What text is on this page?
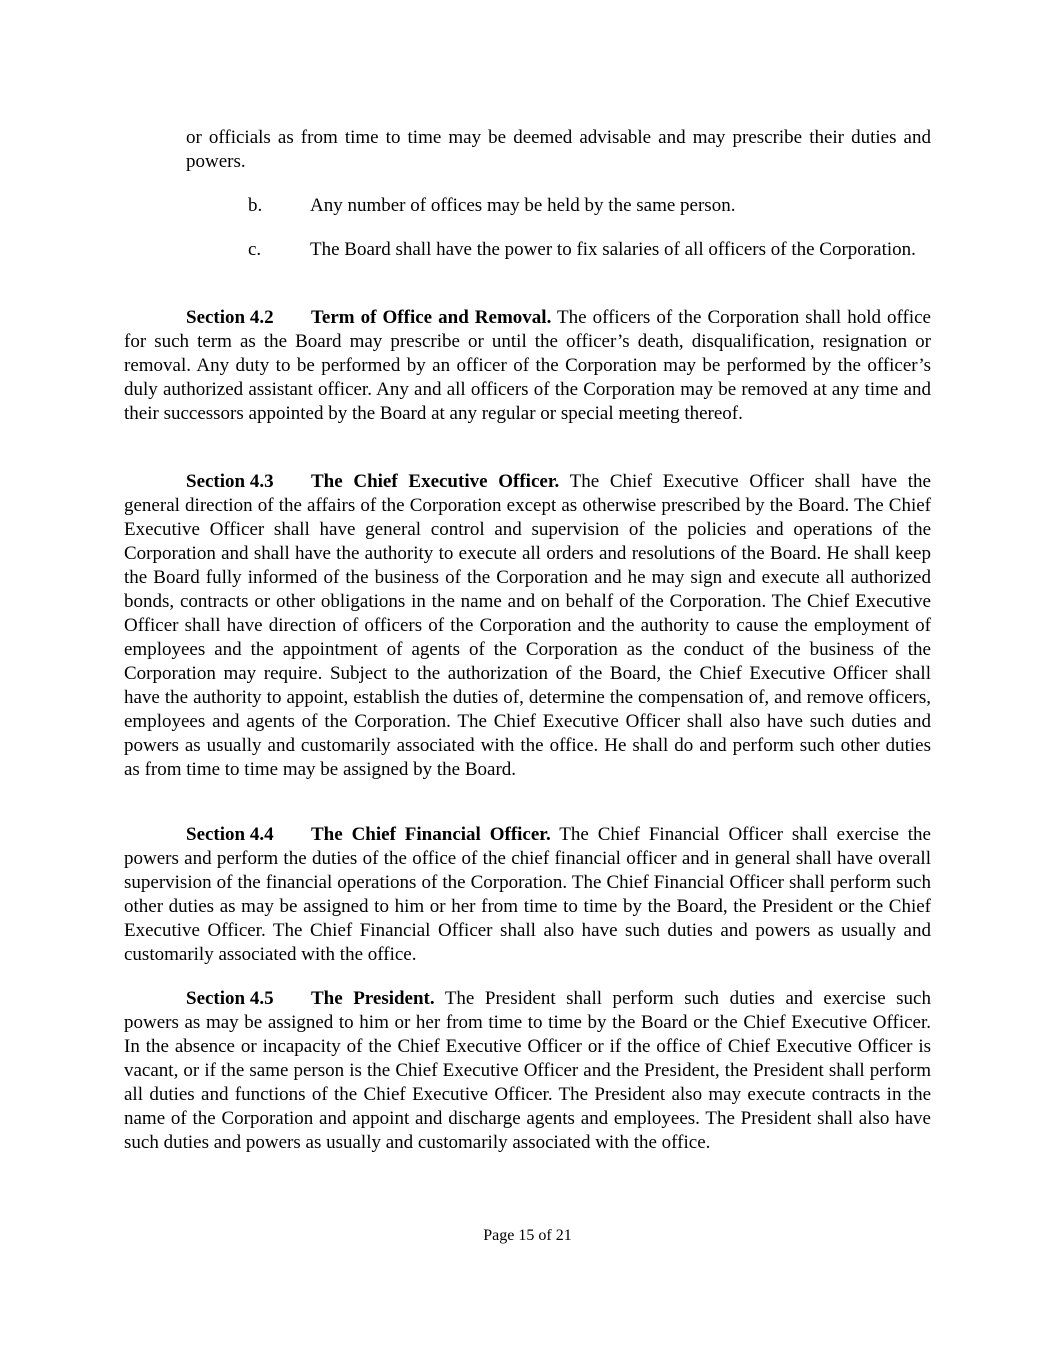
or officials as from time to time may be deemed advisable and may prescribe their duties and powers.

b.	Any number of offices may be held by the same person.

c.	The Board shall have the power to fix salaries of all officers of the Corporation.

Section 4.2 Term of Office and Removal. The officers of the Corporation shall hold office for such term as the Board may prescribe or until the officer’s death, disqualification, resignation or removal. Any duty to be performed by an officer of the Corporation may be performed by the officer’s duly authorized assistant officer. Any and all officers of the Corporation may be removed at any time and their successors appointed by the Board at any regular or special meeting thereof.

Section 4.3 The Chief Executive Officer. The Chief Executive Officer shall have the general direction of the affairs of the Corporation except as otherwise prescribed by the Board. The Chief Executive Officer shall have general control and supervision of the policies and operations of the Corporation and shall have the authority to execute all orders and resolutions of the Board. He shall keep the Board fully informed of the business of the Corporation and he may sign and execute all authorized bonds, contracts or other obligations in the name and on behalf of the Corporation. The Chief Executive Officer shall have direction of officers of the Corporation and the authority to cause the employment of employees and the appointment of agents of the Corporation as the conduct of the business of the Corporation may require. Subject to the authorization of the Board, the Chief Executive Officer shall have the authority to appoint, establish the duties of, determine the compensation of, and remove officers, employees and agents of the Corporation. The Chief Executive Officer shall also have such duties and powers as usually and customarily associated with the office. He shall do and perform such other duties as from time to time may be assigned by the Board.

Section 4.4 The Chief Financial Officer. The Chief Financial Officer shall exercise the powers and perform the duties of the office of the chief financial officer and in general shall have overall supervision of the financial operations of the Corporation. The Chief Financial Officer shall perform such other duties as may be assigned to him or her from time to time by the Board, the President or the Chief Executive Officer. The Chief Financial Officer shall also have such duties and powers as usually and customarily associated with the office.

Section 4.5 The President. The President shall perform such duties and exercise such powers as may be assigned to him or her from time to time by the Board or the Chief Executive Officer. In the absence or incapacity of the Chief Executive Officer or if the office of Chief Executive Officer is vacant, or if the same person is the Chief Executive Officer and the President, the President shall perform all duties and functions of the Chief Executive Officer. The President also may execute contracts in the name of the Corporation and appoint and discharge agents and employees. The President shall also have such duties and powers as usually and customarily associated with the office.

Page 15 of 21
